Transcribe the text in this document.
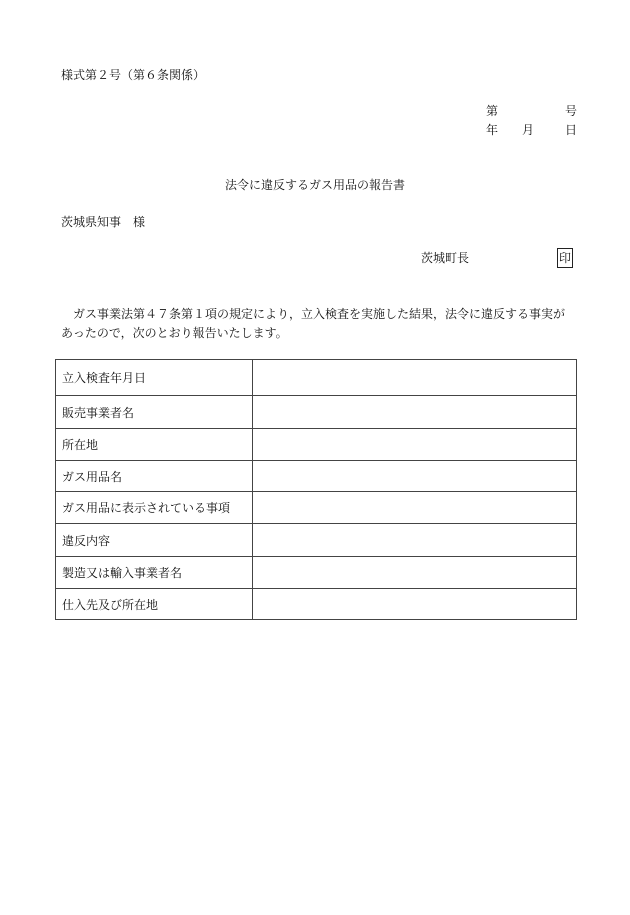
様式第２号（第６条関係）
第	号
年 月	日
法令に違反するガス用品の報告書
茨城県知事　様
茨城町長	印
ガス事業法第４７条第１項の規定により，立入検査を実施した結果，法令に違反する事実があったので，次のとおり報告いたします。
立入検査年月日	
販売事業者名	
所在地	
ガス用品名	
ガス用品に表示されている事項	
違反内容	
製造又は輸入事業者名	
仕入先及び所在地	
